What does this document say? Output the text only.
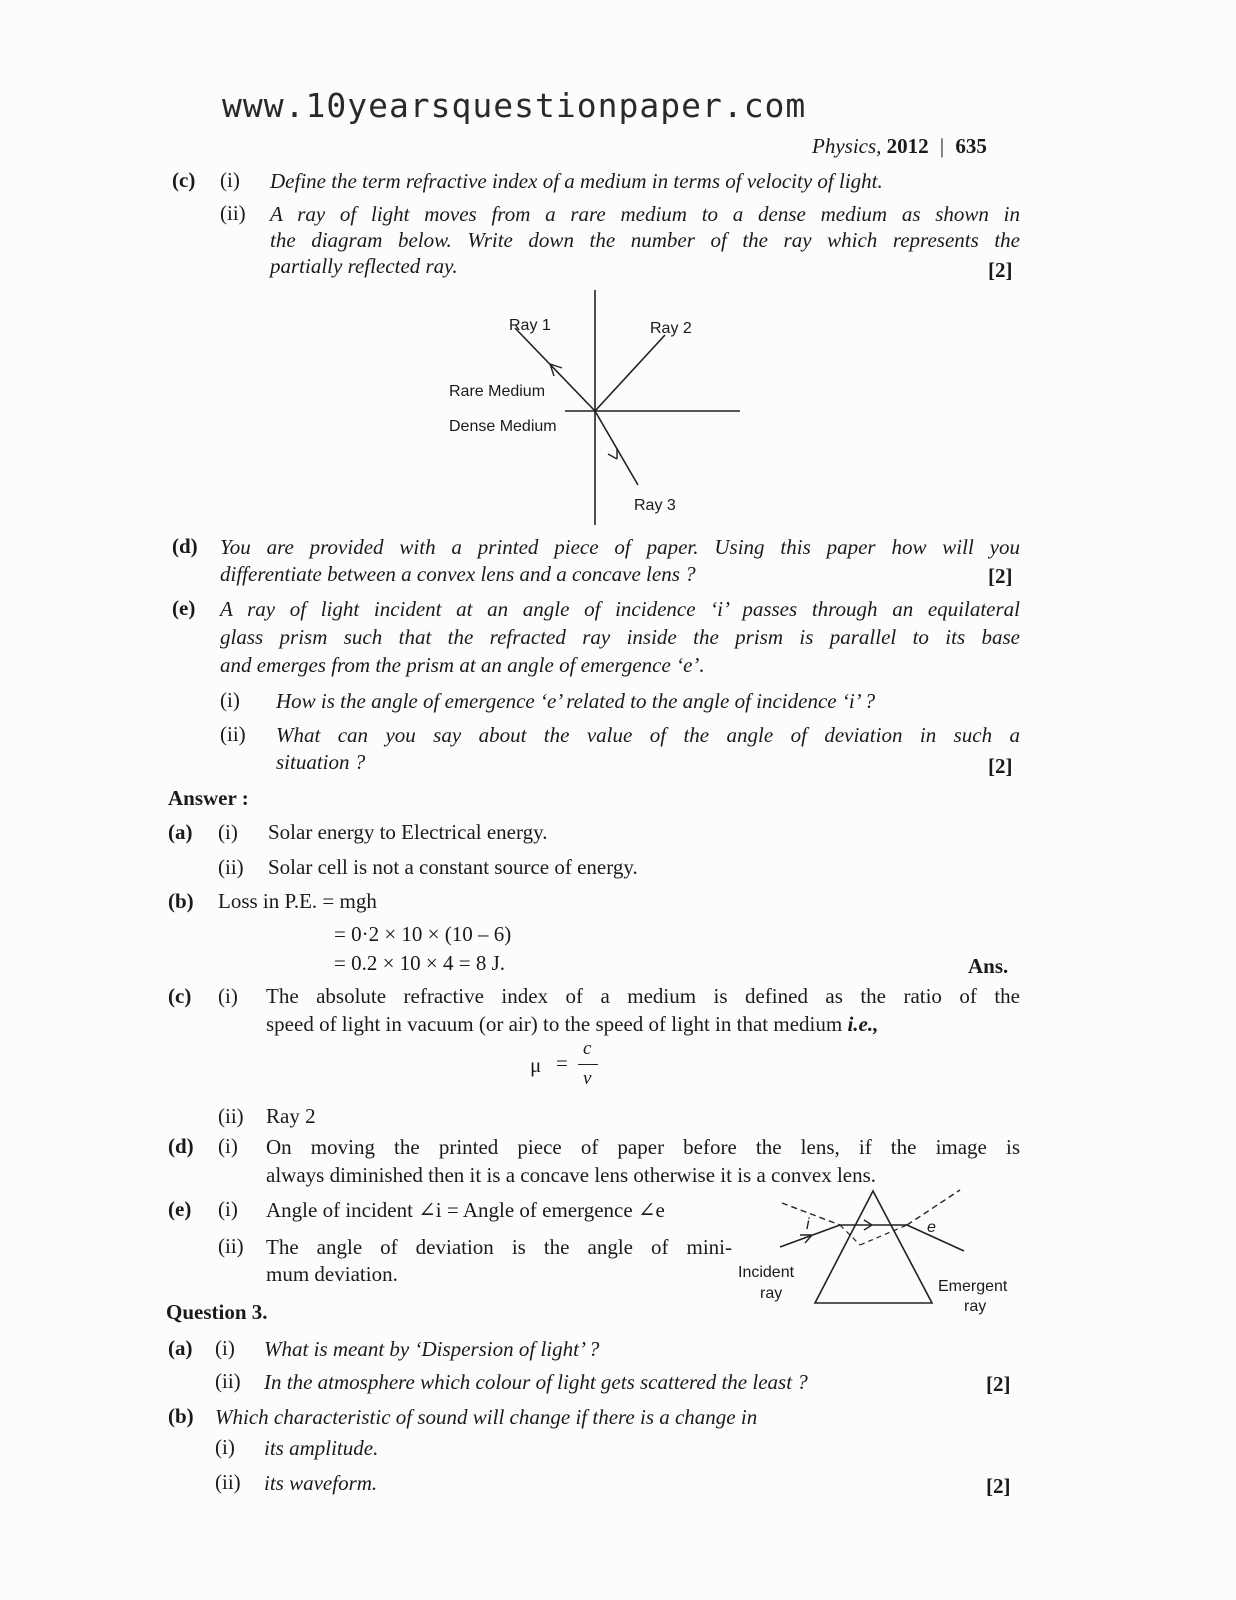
www.10yearsquestionpaper.com
Physics, 2012 | 635
(c) (i) Define the term refractive index of a medium in terms of velocity of light.
(ii) A ray of light moves from a rare medium to a dense medium as shown in
the diagram below. Write down the number of the ray which represents the
partially reflected ray.	[2]
Ray 1	Ray 2
Ray 3
Rare Medium
Dense Medium
(d) You are provided with a printed piece of paper. Using this paper how will you
differentiate between a convex lens and a concave lens ?	[2]
(e) A ray of light incident at an angle of incidence ‘i’ passes through an equilateral
glass prism such that the refracted ray inside the prism is parallel to its base
and emerges from the prism at an angle of emergence ‘e’.
(i) How is the angle of emergence ‘e’ related to the angle of incidence ‘i’ ?
(ii) What can you say about the value of the angle of deviation in such a
situation ?	[2]
Answer :
(a) (i) Solar energy to Electrical energy.
(ii) Solar cell is not a constant source of energy.
(b) Loss in P.E. = mgh
= 0·2 × 10 × (10 – 6)
= 0.2 × 10 × 4 = 8 J.	Ans.
(c) (i) The absolute refractive index of a medium is defined as the ratio of the
speed of light in vacuum (or air) to the speed of light in that medium i.e.,
μ =
c
v
(ii) Ray 2
(d) (i) On moving the printed piece of paper before the lens, if the image is
always diminished then it is a concave lens otherwise it is a convex lens.
(e) (i) Angle of incident ∠i = Angle of emergence ∠e
(ii) The angle of deviation is the angle of mini-
mum deviation.
i	e
Incident
ray	Emergent
ray
Question 3.
(a) (i) What is meant by ‘Dispersion of light’ ?
(ii) In the atmosphere which colour of light gets scattered the least ?	[2]
(b) Which characteristic of sound will change if there is a change in
(i) its amplitude.
(ii) its waveform.	[2]
